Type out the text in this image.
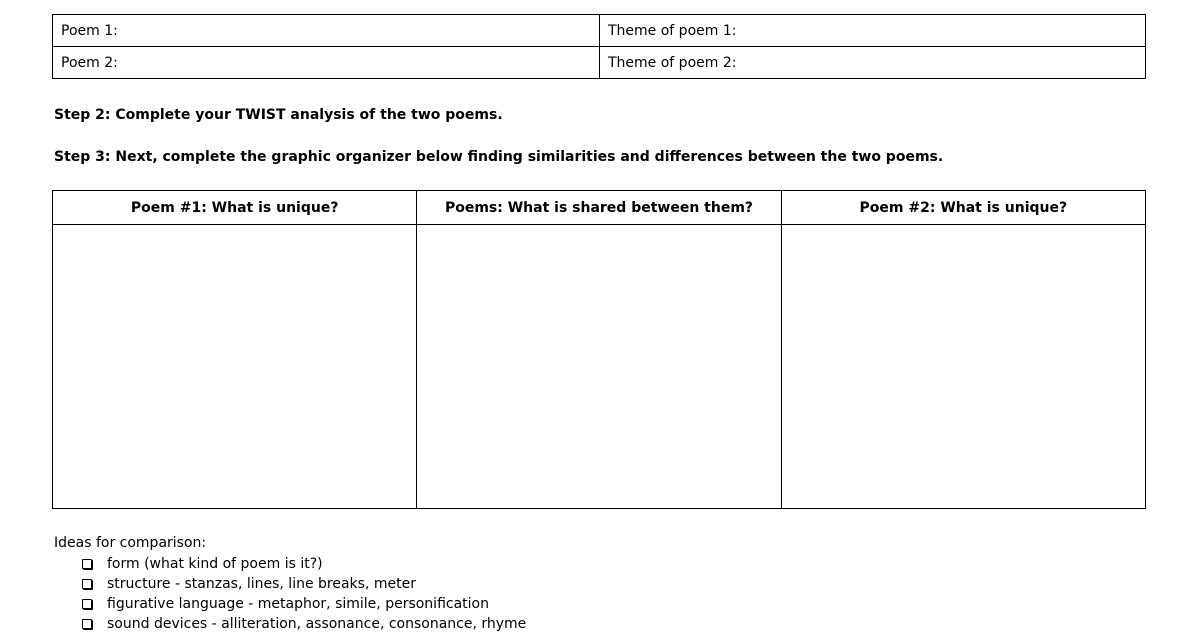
Poem 1:	Theme of poem 1:
Poem 2:	Theme of poem 2:
Step 2: Complete your TWIST analysis of the two poems.
Step 3: Next, complete the graphic organizer below finding similarities and differences between the two poems.
Poem #1: What is unique?	Poems: What is shared between them?	Poem #2: What is unique?

Ideas for comparison:
form (what kind of poem is it?)
structure - stanzas, lines, line breaks, meter
figurative language - metaphor, simile, personification
sound devices - alliteration, assonance, consonance, rhyme
